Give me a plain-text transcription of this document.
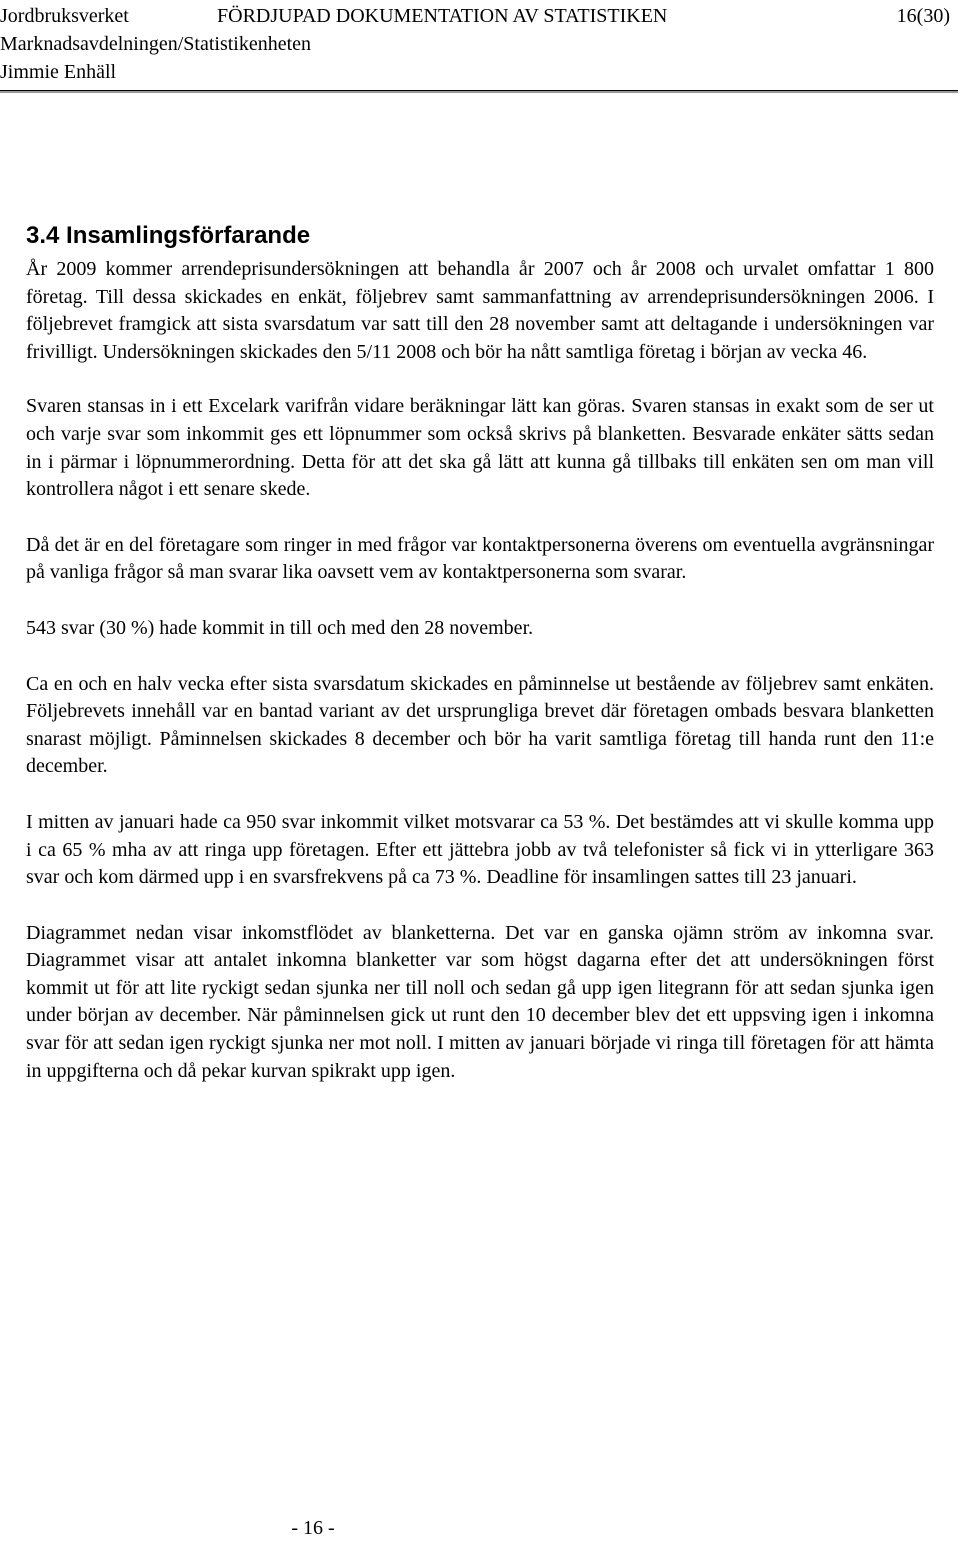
Jordbruksverket	FÖRDJUPAD DOKUMENTATION AV STATISTIKEN	16(30)
Marknadsavdelningen/Statistikenheten
Jimmie Enhäll
3.4 Insamlingsförfarande

År 2009 kommer arrendeprisundersökningen att behandla år 2007 och år 2008 och urvalet omfattar 1 800 företag. Till dessa skickades en enkät, följebrev samt sammanfattning av arrendeprisundersökningen 2006. I följebrevet framgick att sista svarsdatum var satt till den 28 november samt att deltagande i undersökningen var frivilligt. Undersökningen skickades den 5/11 2008 och bör ha nått samtliga företag i början av vecka 46.

Svaren stansas in i ett Excelark varifrån vidare beräkningar lätt kan göras. Svaren stansas in exakt som de ser ut och varje svar som inkommit ges ett löpnummer som också skrivs på blanketten. Besvarade enkäter sätts sedan in i pärmar i löpnummerordning. Detta för att det ska gå lätt att kunna gå tillbaks till enkäten sen om man vill kontrollera något i ett senare skede.

Då det är en del företagare som ringer in med frågor var kontaktpersonerna överens om eventuella avgränsningar på vanliga frågor så man svarar lika oavsett vem av kontaktpersonerna som svarar.

543 svar (30 %) hade kommit in till och med den 28 november.

Ca en och en halv vecka efter sista svarsdatum skickades en påminnelse ut bestående av följebrev samt enkäten. Följebrevets innehåll var en bantad variant av det ursprungliga brevet där företagen ombads besvara blanketten snarast möjligt. Påminnelsen skickades 8 december och bör ha varit samtliga företag till handa runt den 11:e december.

I mitten av januari hade ca 950 svar inkommit vilket motsvarar ca 53 %. Det bestämdes att vi skulle komma upp i ca 65 % mha av att ringa upp företagen. Efter ett jättebra jobb av två telefonister så fick vi in ytterligare 363 svar och kom därmed upp i en svarsfrekvens på ca 73 %. Deadline för insamlingen sattes till 23 januari.

Diagrammet nedan visar inkomstflödet av blanketterna. Det var en ganska ojämn ström av inkomna svar. Diagrammet visar att antalet inkomna blanketter var som högst dagarna efter det att undersökningen först kommit ut för att lite ryckigt sedan sjunka ner till noll och sedan gå upp igen litegrann för att sedan sjunka igen under början av december. När påminnelsen gick ut runt den 10 december blev det ett uppsving igen i inkomna svar för att sedan igen ryckigt sjunka ner mot noll. I mitten av januari började vi ringa till företagen för att hämta in uppgifterna och då pekar kurvan spikrakt upp igen.

- 16 -
